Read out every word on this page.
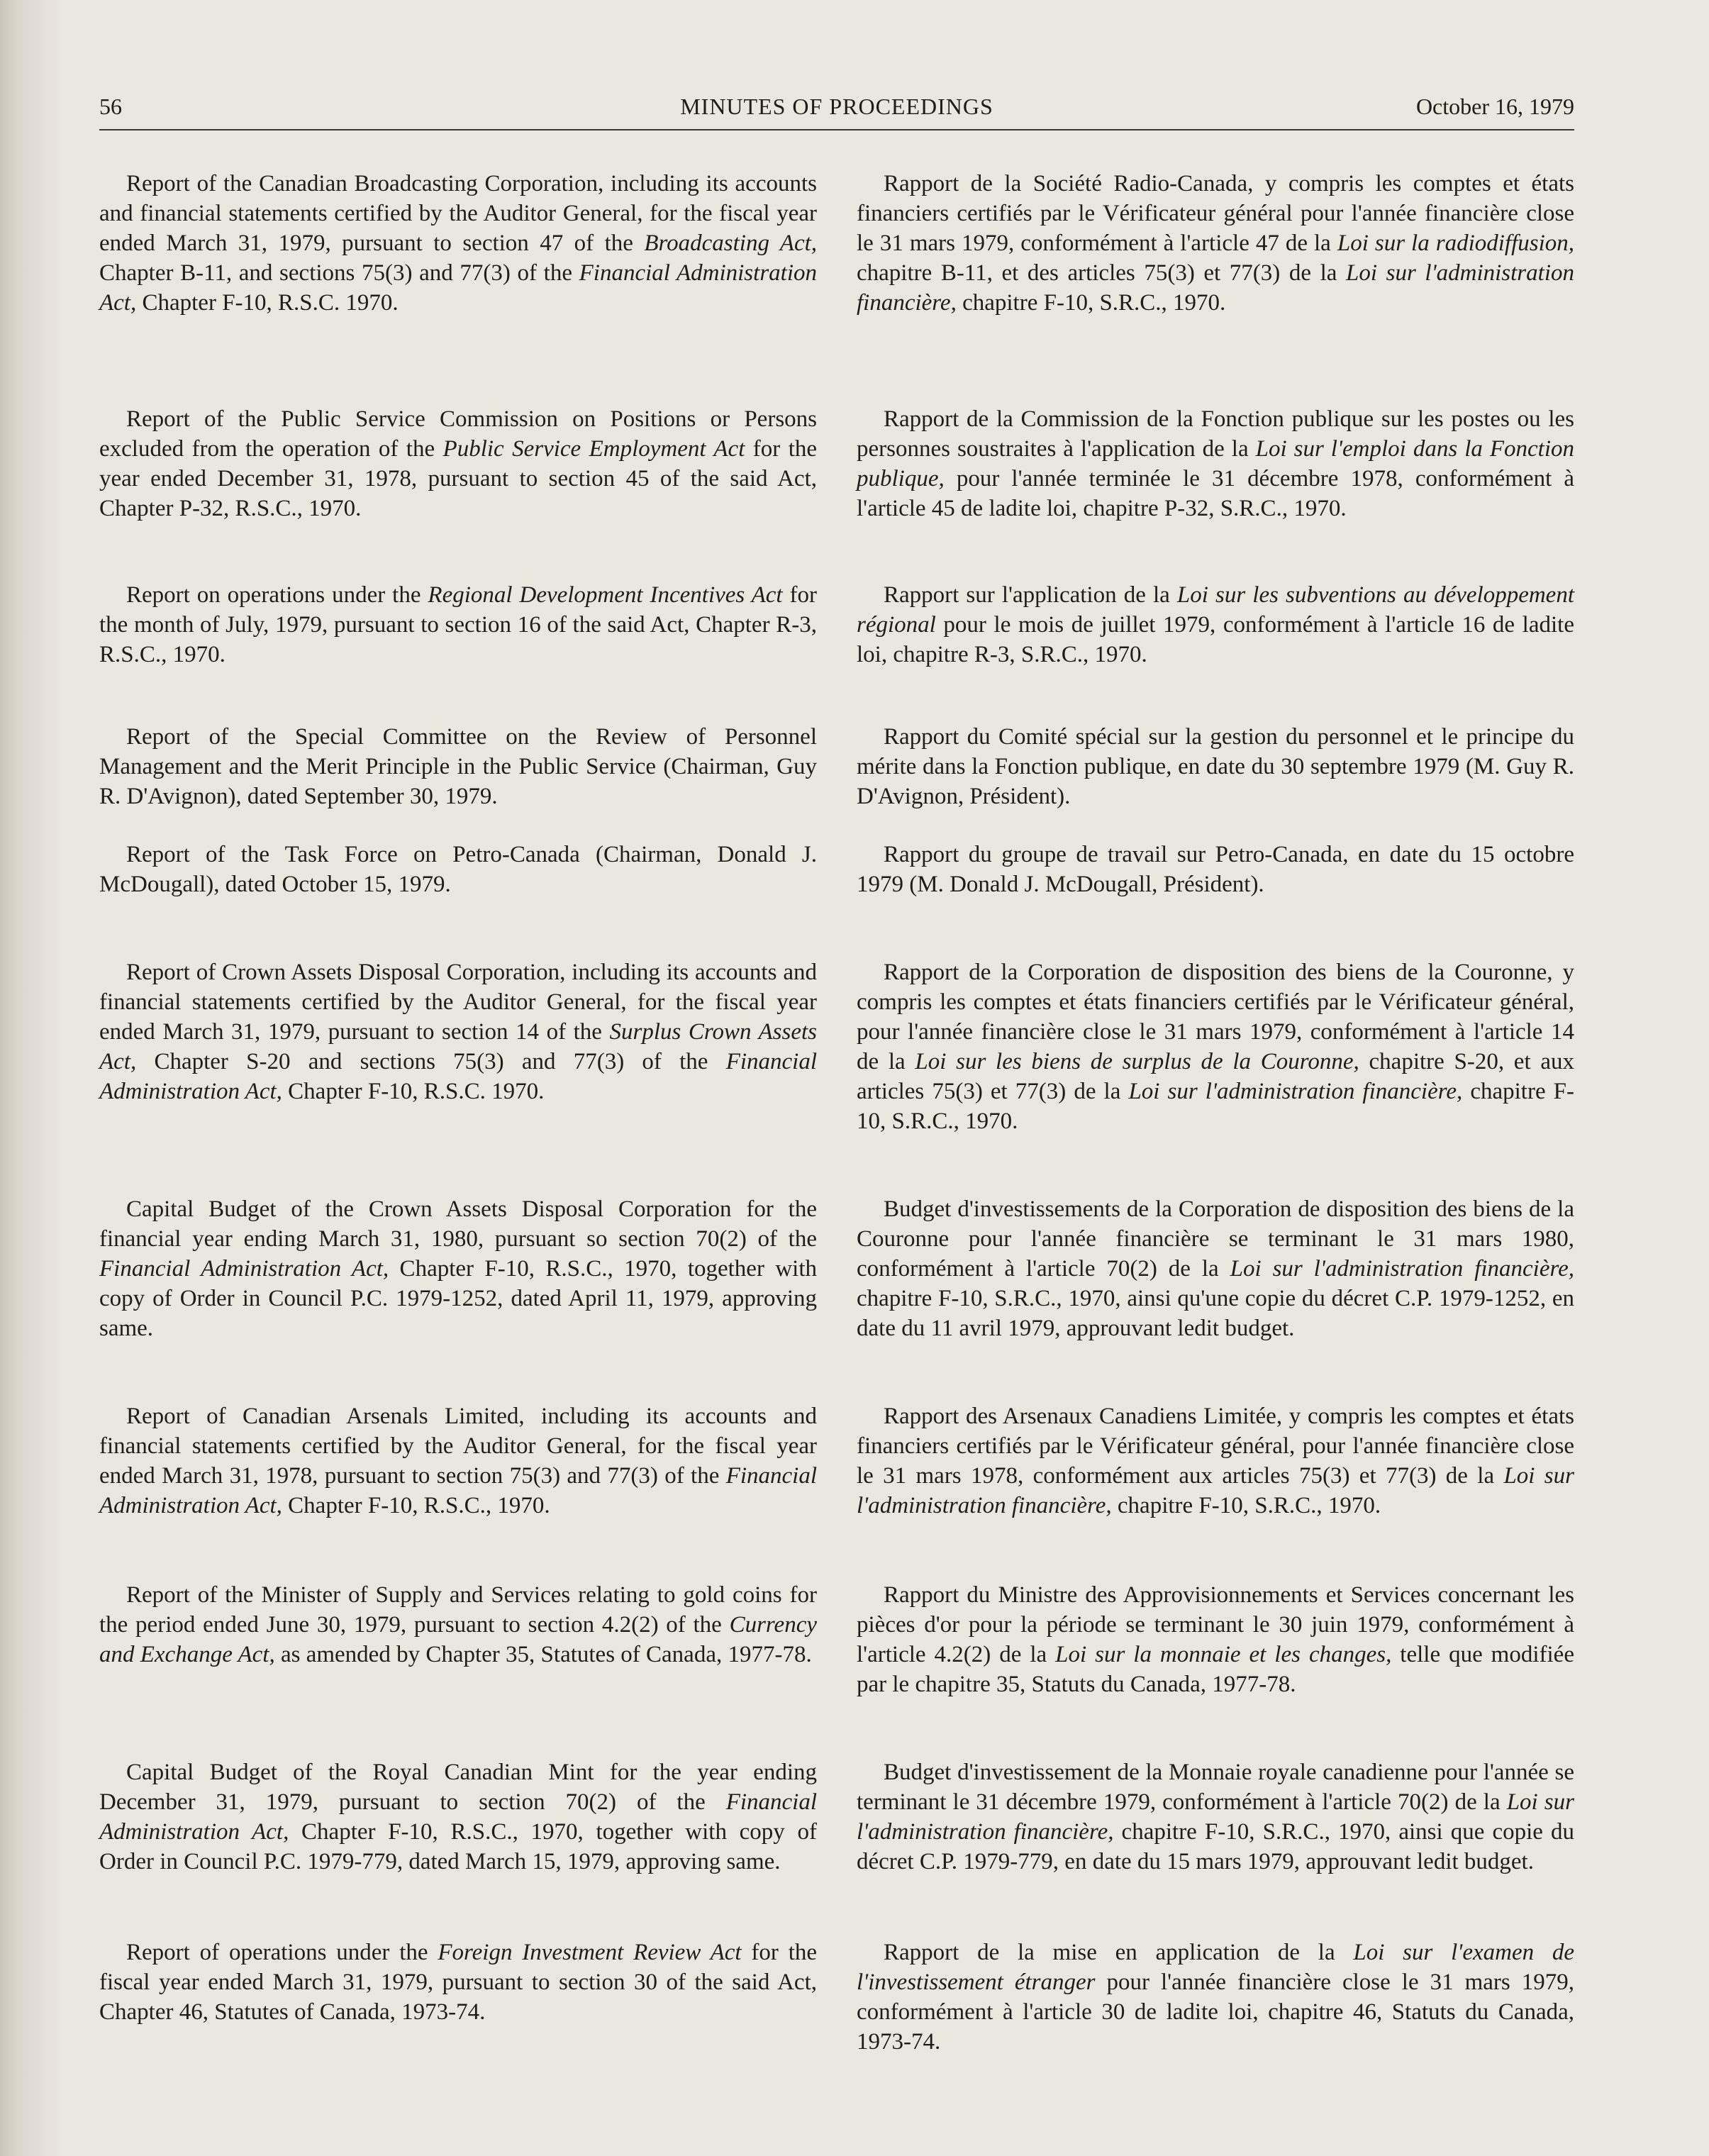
56	MINUTES OF PROCEEDINGS	October 16, 1979

Report of the Canadian Broadcasting Corporation, including its accounts and financial statements certified by the Auditor General, for the fiscal year ended March 31, 1979, pursuant to section 47 of the Broadcasting Act, Chapter B-11, and sections 75(3) and 77(3) of the Financial Administration Act, Chapter F-10, R.S.C. 1970.

Report of the Public Service Commission on Positions or Persons excluded from the operation of the Public Service Employment Act for the year ended December 31, 1978, pursuant to section 45 of the said Act, Chapter P-32, R.S.C., 1970.

Report on operations under the Regional Development Incentives Act for the month of July, 1979, pursuant to section 16 of the said Act, Chapter R-3, R.S.C., 1970.

Report of the Special Committee on the Review of Personnel Management and the Merit Principle in the Public Service (Chairman, Guy R. D'Avignon), dated September 30, 1979.

Report of the Task Force on Petro-Canada (Chairman, Donald J. McDougall), dated October 15, 1979.

Report of Crown Assets Disposal Corporation, including its accounts and financial statements certified by the Auditor General, for the fiscal year ended March 31, 1979, pursuant to section 14 of the Surplus Crown Assets Act, Chapter S-20 and sections 75(3) and 77(3) of the Financial Administration Act, Chapter F-10, R.S.C. 1970.

Capital Budget of the Crown Assets Disposal Corporation for the financial year ending March 31, 1980, pursuant so section 70(2) of the Financial Administration Act, Chapter F-10, R.S.C., 1970, together with copy of Order in Council P.C. 1979-1252, dated April 11, 1979, approving same.

Report of Canadian Arsenals Limited, including its accounts and financial statements certified by the Auditor General, for the fiscal year ended March 31, 1978, pursuant to section 75(3) and 77(3) of the Financial Administration Act, Chapter F-10, R.S.C., 1970.

Report of the Minister of Supply and Services relating to gold coins for the period ended June 30, 1979, pursuant to section 4.2(2) of the Currency and Exchange Act, as amended by Chapter 35, Statutes of Canada, 1977-78.

Capital Budget of the Royal Canadian Mint for the year ending December 31, 1979, pursuant to section 70(2) of the Financial Administration Act, Chapter F-10, R.S.C., 1970, together with copy of Order in Council P.C. 1979-779, dated March 15, 1979, approving same.

Report of operations under the Foreign Investment Review Act for the fiscal year ended March 31, 1979, pursuant to section 30 of the said Act, Chapter 46, Statutes of Canada, 1973-74.

Rapport de la Société Radio-Canada, y compris les comptes et états financiers certifiés par le Vérificateur général pour l'année financière close le 31 mars 1979, conformément à l'article 47 de la Loi sur la radiodiffusion, chapitre B-11, et des articles 75(3) et 77(3) de la Loi sur l'administration financière, chapitre F-10, S.R.C., 1970.

Rapport de la Commission de la Fonction publique sur les postes ou les personnes soustraites à l'application de la Loi sur l'emploi dans la Fonction publique, pour l'année terminée le 31 décembre 1978, conformément à l'article 45 de ladite loi, chapitre P-32, S.R.C., 1970.

Rapport sur l'application de la Loi sur les subventions au développement régional pour le mois de juillet 1979, conformément à l'article 16 de ladite loi, chapitre R-3, S.R.C., 1970.

Rapport du Comité spécial sur la gestion du personnel et le principe du mérite dans la Fonction publique, en date du 30 septembre 1979 (M. Guy R. D'Avignon, Président).

Rapport du groupe de travail sur Petro-Canada, en date du 15 octobre 1979 (M. Donald J. McDougall, Président).

Rapport de la Corporation de disposition des biens de la Couronne, y compris les comptes et états financiers certifiés par le Vérificateur général, pour l'année financière close le 31 mars 1979, conformément à l'article 14 de la Loi sur les biens de surplus de la Couronne, chapitre S-20, et aux articles 75(3) et 77(3) de la Loi sur l'administration financière, chapitre F-10, S.R.C., 1970.

Budget d'investissements de la Corporation de disposition des biens de la Couronne pour l'année financière se terminant le 31 mars 1980, conformément à l'article 70(2) de la Loi sur l'administration financière, chapitre F-10, S.R.C., 1970, ainsi qu'une copie du décret C.P. 1979-1252, en date du 11 avril 1979, approuvant ledit budget.

Rapport des Arsenaux Canadiens Limitée, y compris les comptes et états financiers certifiés par le Vérificateur général, pour l'année financière close le 31 mars 1978, conformément aux articles 75(3) et 77(3) de la Loi sur l'administration financière, chapitre F-10, S.R.C., 1970.

Rapport du Ministre des Approvisionnements et Services concernant les pièces d'or pour la période se terminant le 30 juin 1979, conformément à l'article 4.2(2) de la Loi sur la monnaie et les changes, telle que modifiée par le chapitre 35, Statuts du Canada, 1977-78.

Budget d'investissement de la Monnaie royale canadienne pour l'année se terminant le 31 décembre 1979, conformément à l'article 70(2) de la Loi sur l'administration financière, chapitre F-10, S.R.C., 1970, ainsi que copie du décret C.P. 1979-779, en date du 15 mars 1979, approuvant ledit budget.

Rapport de la mise en application de la Loi sur l'examen de l'investissement étranger pour l'année financière close le 31 mars 1979, conformément à l'article 30 de ladite loi, chapitre 46, Statuts du Canada, 1973-74.
